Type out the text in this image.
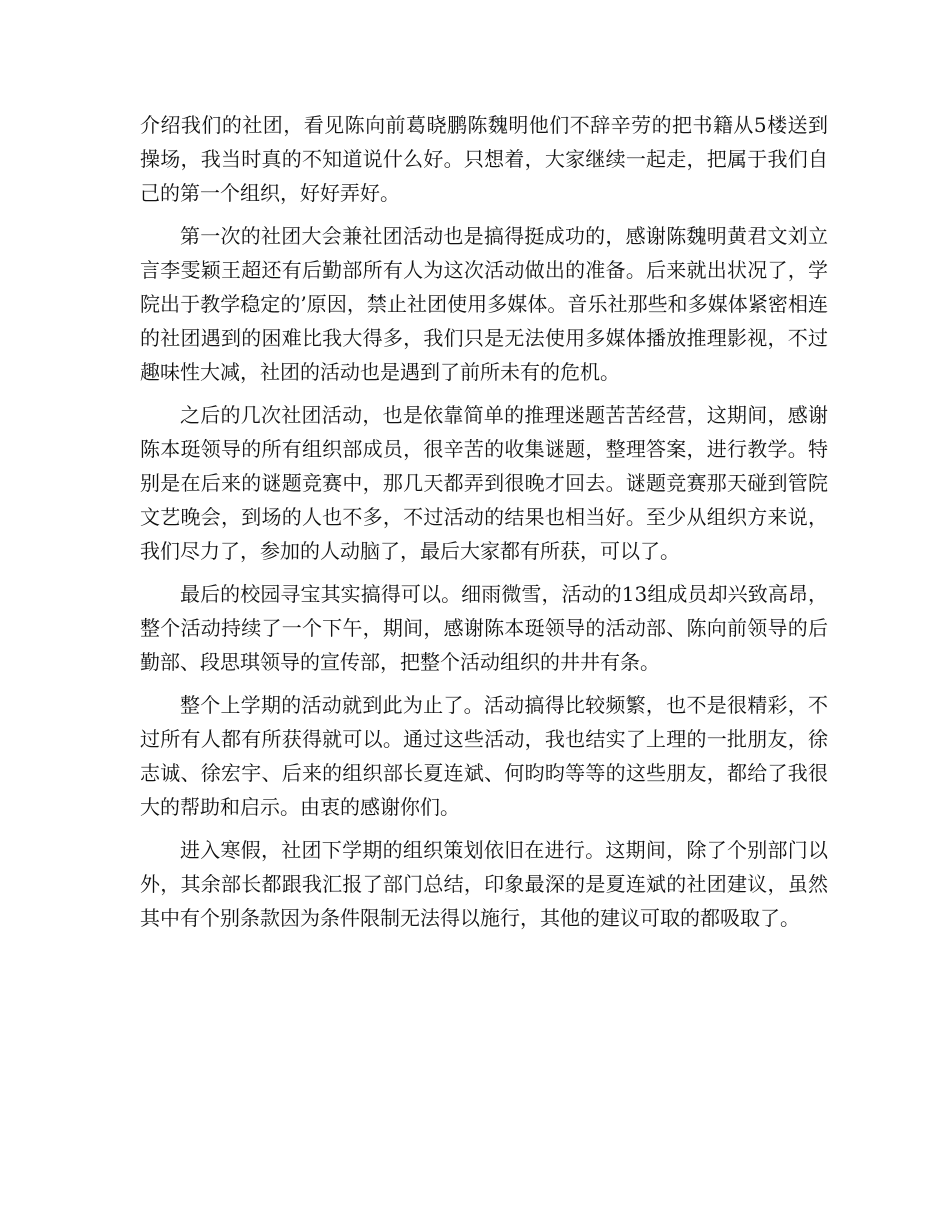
介绍我们的社团，看见陈向前葛晓鹏陈魏明他们不辞辛劳的把书籍从5楼送到操场，我当时真的不知道说什么好。只想着，大家继续一起走，把属于我们自己的第一个组织，好好弄好。

第一次的社团大会兼社团活动也是搞得挺成功的，感谢陈魏明黄君文刘立言李雯颖王超还有后勤部所有人为这次活动做出的准备。后来就出状况了，学院出于教学稳定的’原因，禁止社团使用多媒体。音乐社那些和多媒体紧密相连的社团遇到的困难比我大得多，我们只是无法使用多媒体播放推理影视，不过趣味性大减，社团的活动也是遇到了前所未有的危机。

之后的几次社团活动，也是依靠简单的推理迷题苦苦经营，这期间，感谢陈本珽领导的所有组织部成员，很辛苦的收集谜题，整理答案，进行教学。特别是在后来的谜题竞赛中，那几天都弄到很晚才回去。谜题竞赛那天碰到管院文艺晚会，到场的人也不多，不过活动的结果也相当好。至少从组织方来说，我们尽力了，参加的人动脑了，最后大家都有所获，可以了。

最后的校园寻宝其实搞得可以。细雨微雪，活动的13组成员却兴致高昂，整个活动持续了一个下午，期间，感谢陈本珽领导的活动部、陈向前领导的后勤部、段思琪领导的宣传部，把整个活动组织的井井有条。

整个上学期的活动就到此为止了。活动搞得比较频繁，也不是很精彩，不过所有人都有所获得就可以。通过这些活动，我也结实了上理的一批朋友，徐志诚、徐宏宇、后来的组织部长夏连斌、何昀昀等等的这些朋友，都给了我很大的帮助和启示。由衷的感谢你们。

进入寒假，社团下学期的组织策划依旧在进行。这期间，除了个别部门以外，其余部长都跟我汇报了部门总结，印象最深的是夏连斌的社团建议，虽然其中有个别条款因为条件限制无法得以施行，其他的建议可取的都吸取了。
